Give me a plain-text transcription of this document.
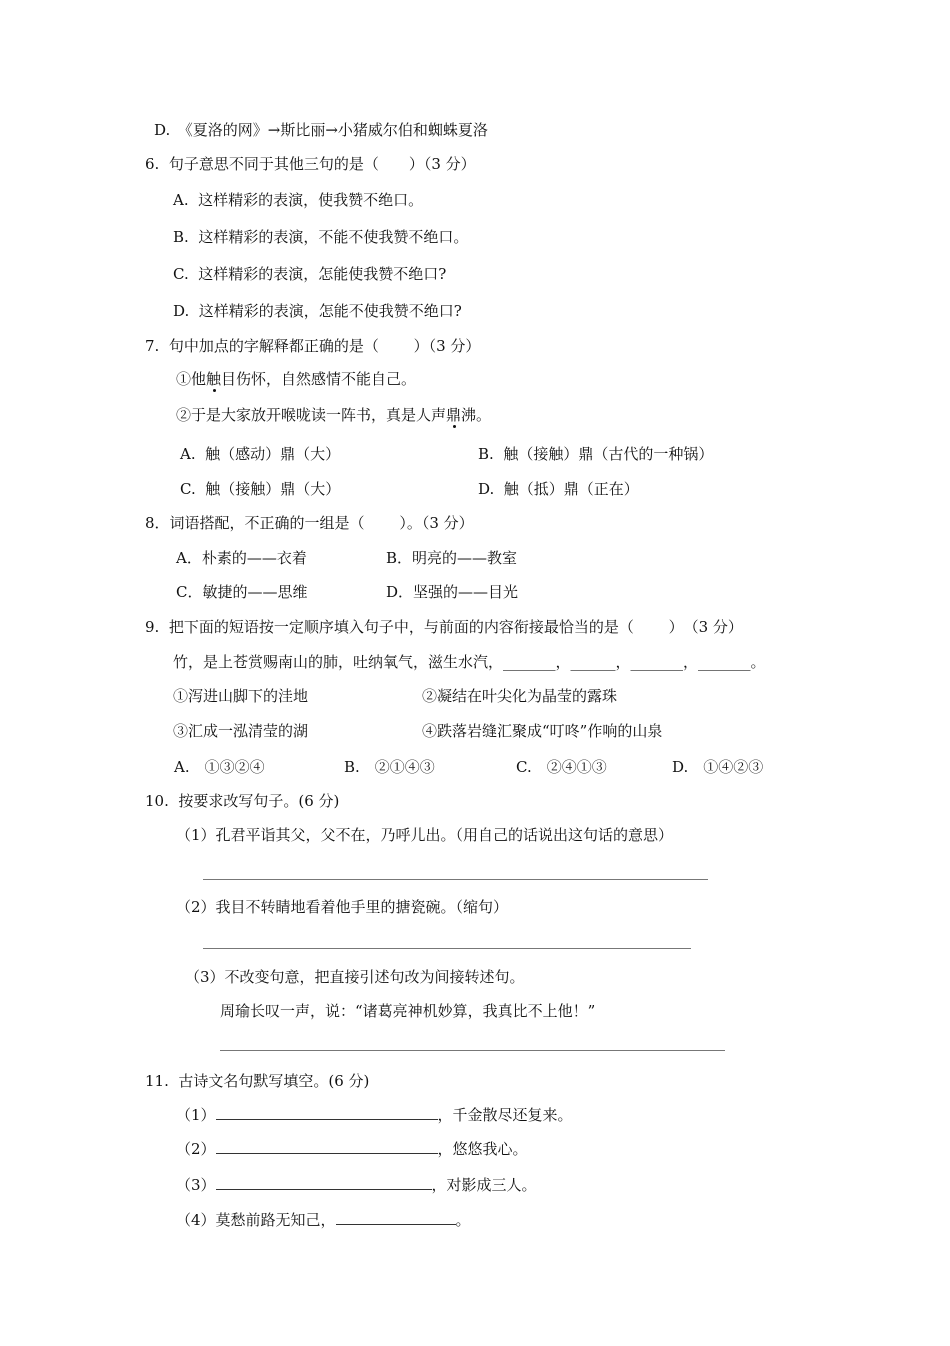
D.　《夏洛的网》→斯比丽→小猪威尔伯和蜘蛛夏洛
6.  句子意思不同于其他三句的是（　　）（3 分）
A.  这样精彩的表演，使我赞不绝口。
B.  这样精彩的表演，不能不使我赞不绝口。
C.  这样精彩的表演，怎能使我赞不绝口?
D.  这样精彩的表演，怎能不使我赞不绝口?
7.  句中加点的字解释都正确的是（　　 ）（3 分）
①他触目伤怀，自然感情不能自己。
②于是大家放开喉咙读一阵书，真是人声鼎沸。
A.  触（感动）鼎（大）	B.  触（接触）鼎（古代的一种锅）
C.  触（接触）鼎（大）	D.  触（抵）鼎（正在）
8．词语搭配，不正确的一组是（　　 ）。（3 分）
A．朴素的——衣着	B．明亮的——教室
C．敏捷的——思维	D．坚强的——目光
9.  把下面的短语按一定顺序填入句子中，与前面的内容衔接最恰当的是（　　 ）　（3 分）
竹，是上苍赏赐南山的肺，吐纳氧气，滋生水汽，_______，______，_______，_______。
①泻进山脚下的洼地	②凝结在叶尖化为晶莹的露珠
③汇成一泓清莹的湖	④跌落岩缝汇聚成“叮咚”作响的山泉
A.　①③②④	B.　②①④③	C.　②④①③	D.　①④②③
10.  按要求改写句子。(6 分)
（1）孔君平诣其父，父不在，乃呼儿出。（用自己的话说出这句话的意思）
（2）我目不转睛地看着他手里的搪瓷碗。（缩句）
（3）不改变句意，把直接引述句改为间接转述句。
周瑜长叹一声，说：“诸葛亮神机妙算，我真比不上他！”
11.  古诗文名句默写填空。(6 分)
（1）	，千金散尽还复来。
（2）	，悠悠我心。
（3）	，对影成三人。
（4）莫愁前路无知己，	。
